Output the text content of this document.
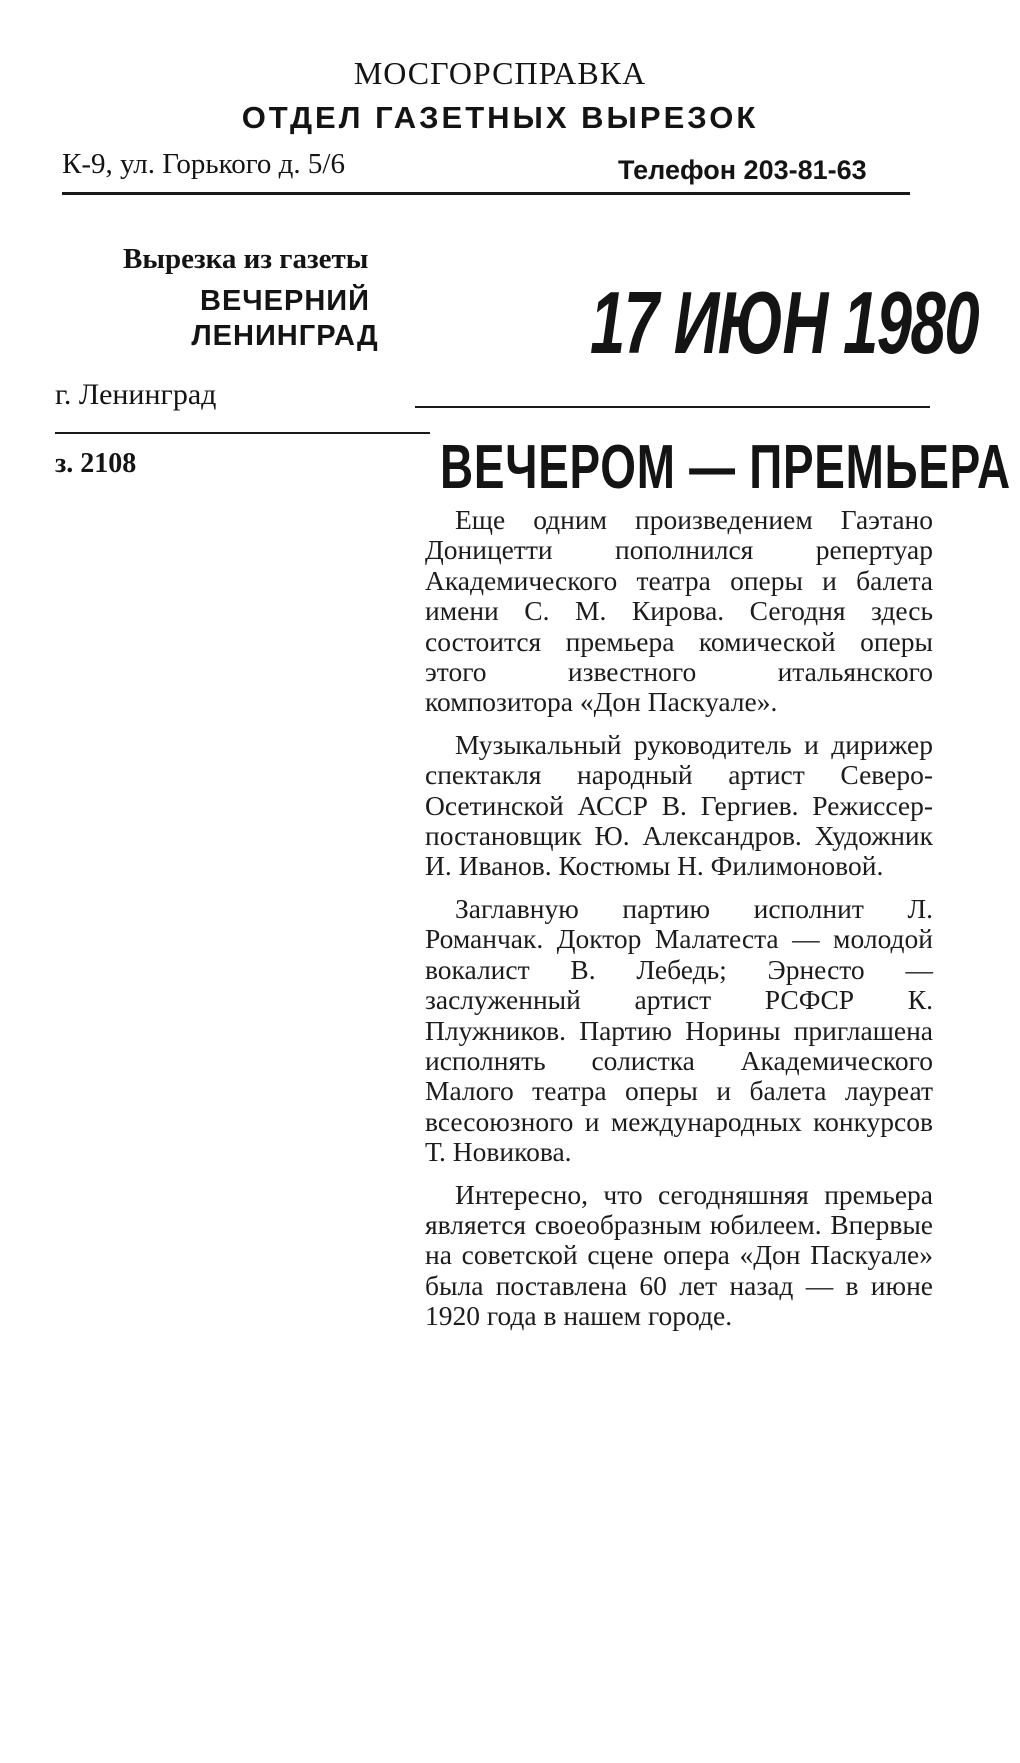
МОСГОРСПРАВКА
ОТДЕЛ ГАЗЕТНЫХ ВЫРЕЗОК
К-9, ул. Горького д. 5/6	Телефон 203-81-63
Вырезка из газеты
ВЕЧЕРНИЙ
ЛЕНИНГРАД	17 ИЮН 1980
г. Ленинград
з. 2108	ВЕЧЕРОМ — ПРЕМЬЕРА

Еще одним произведением Гаэтано Доницетти пополнился репертуар Академического театра оперы и балета имени С. М. Кирова. Сегодня здесь состоится премьера комической оперы этого известного итальянского композитора «Дон Паскуале».

Музыкальный руководитель и дирижер спектакля народный артист Северо-Осетинской АССР В. Гергиев. Режиссер-постановщик Ю. Александров. Художник И. Иванов. Костюмы Н. Филимоновой.

Заглавную партию исполнит Л. Романчак. Доктор Малатеста — молодой вокалист В. Лебедь; Эрнесто — заслуженный артист РСФСР К. Плужников. Партию Норины приглашена исполнять солистка Академического Малого театра оперы и балета лауреат всесоюзного и международных конкурсов Т. Новикова.

Интересно, что сегодняшняя премьера является своеобразным юбилеем. Впервые на советской сцене опера «Дон Паскуале» была поставлена 60 лет назад — в июне 1920 года в нашем городе.
